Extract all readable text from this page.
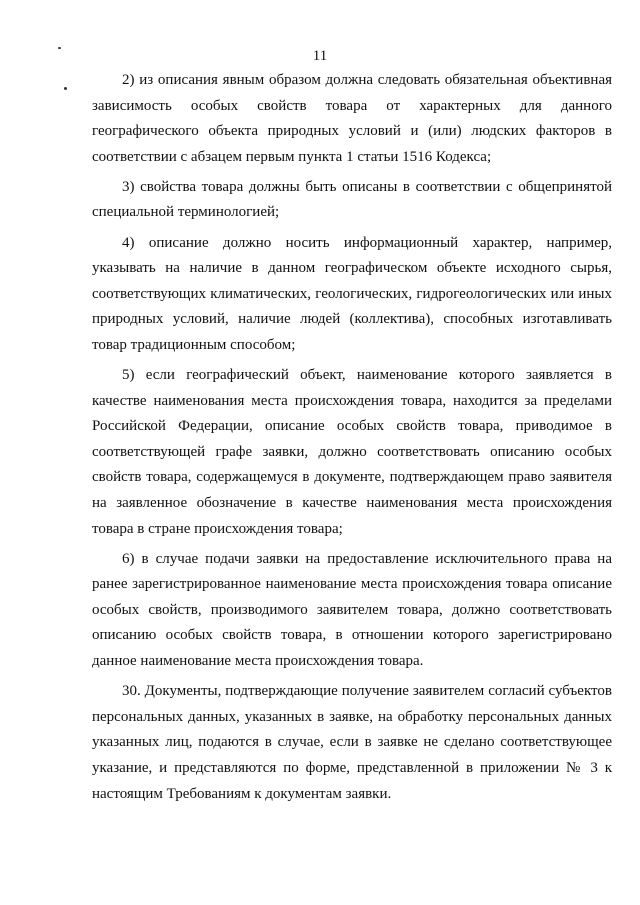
11

2) из описания явным образом должна следовать обязательная объективная зависимость особых свойств товара от характерных для данного географического объекта природных условий и (или) людских факторов в соответствии с абзацем первым пункта 1 статьи 1516 Кодекса;

3) свойства товара должны быть описаны в соответствии с общепринятой специальной терминологией;

4) описание должно носить информационный характер, например, указывать на наличие в данном географическом объекте исходного сырья, соответствующих климатических, геологических, гидрогеологических или иных природных условий, наличие людей (коллектива), способных изготавливать товар традиционным способом;

5) если географический объект, наименование которого заявляется в качестве наименования места происхождения товара, находится за пределами Российской Федерации, описание особых свойств товара, приводимое в соответствующей графе заявки, должно соответствовать описанию особых свойств товара, содержащемуся в документе, подтверждающем право заявителя на заявленное обозначение в качестве наименования места происхождения товара в стране происхождения товара;

6) в случае подачи заявки на предоставление исключительного права на ранее зарегистрированное наименование места происхождения товара описание особых свойств, производимого заявителем товара, должно соответствовать описанию особых свойств товара, в отношении которого зарегистрировано данное наименование места происхождения товара.

30. Документы, подтверждающие получение заявителем согласий субъектов персональных данных, указанных в заявке, на обработку персональных данных указанных лиц, подаются в случае, если в заявке не сделано соответствующее указание, и представляются по форме, представленной в приложении № 3 к настоящим Требованиям к документам заявки.
